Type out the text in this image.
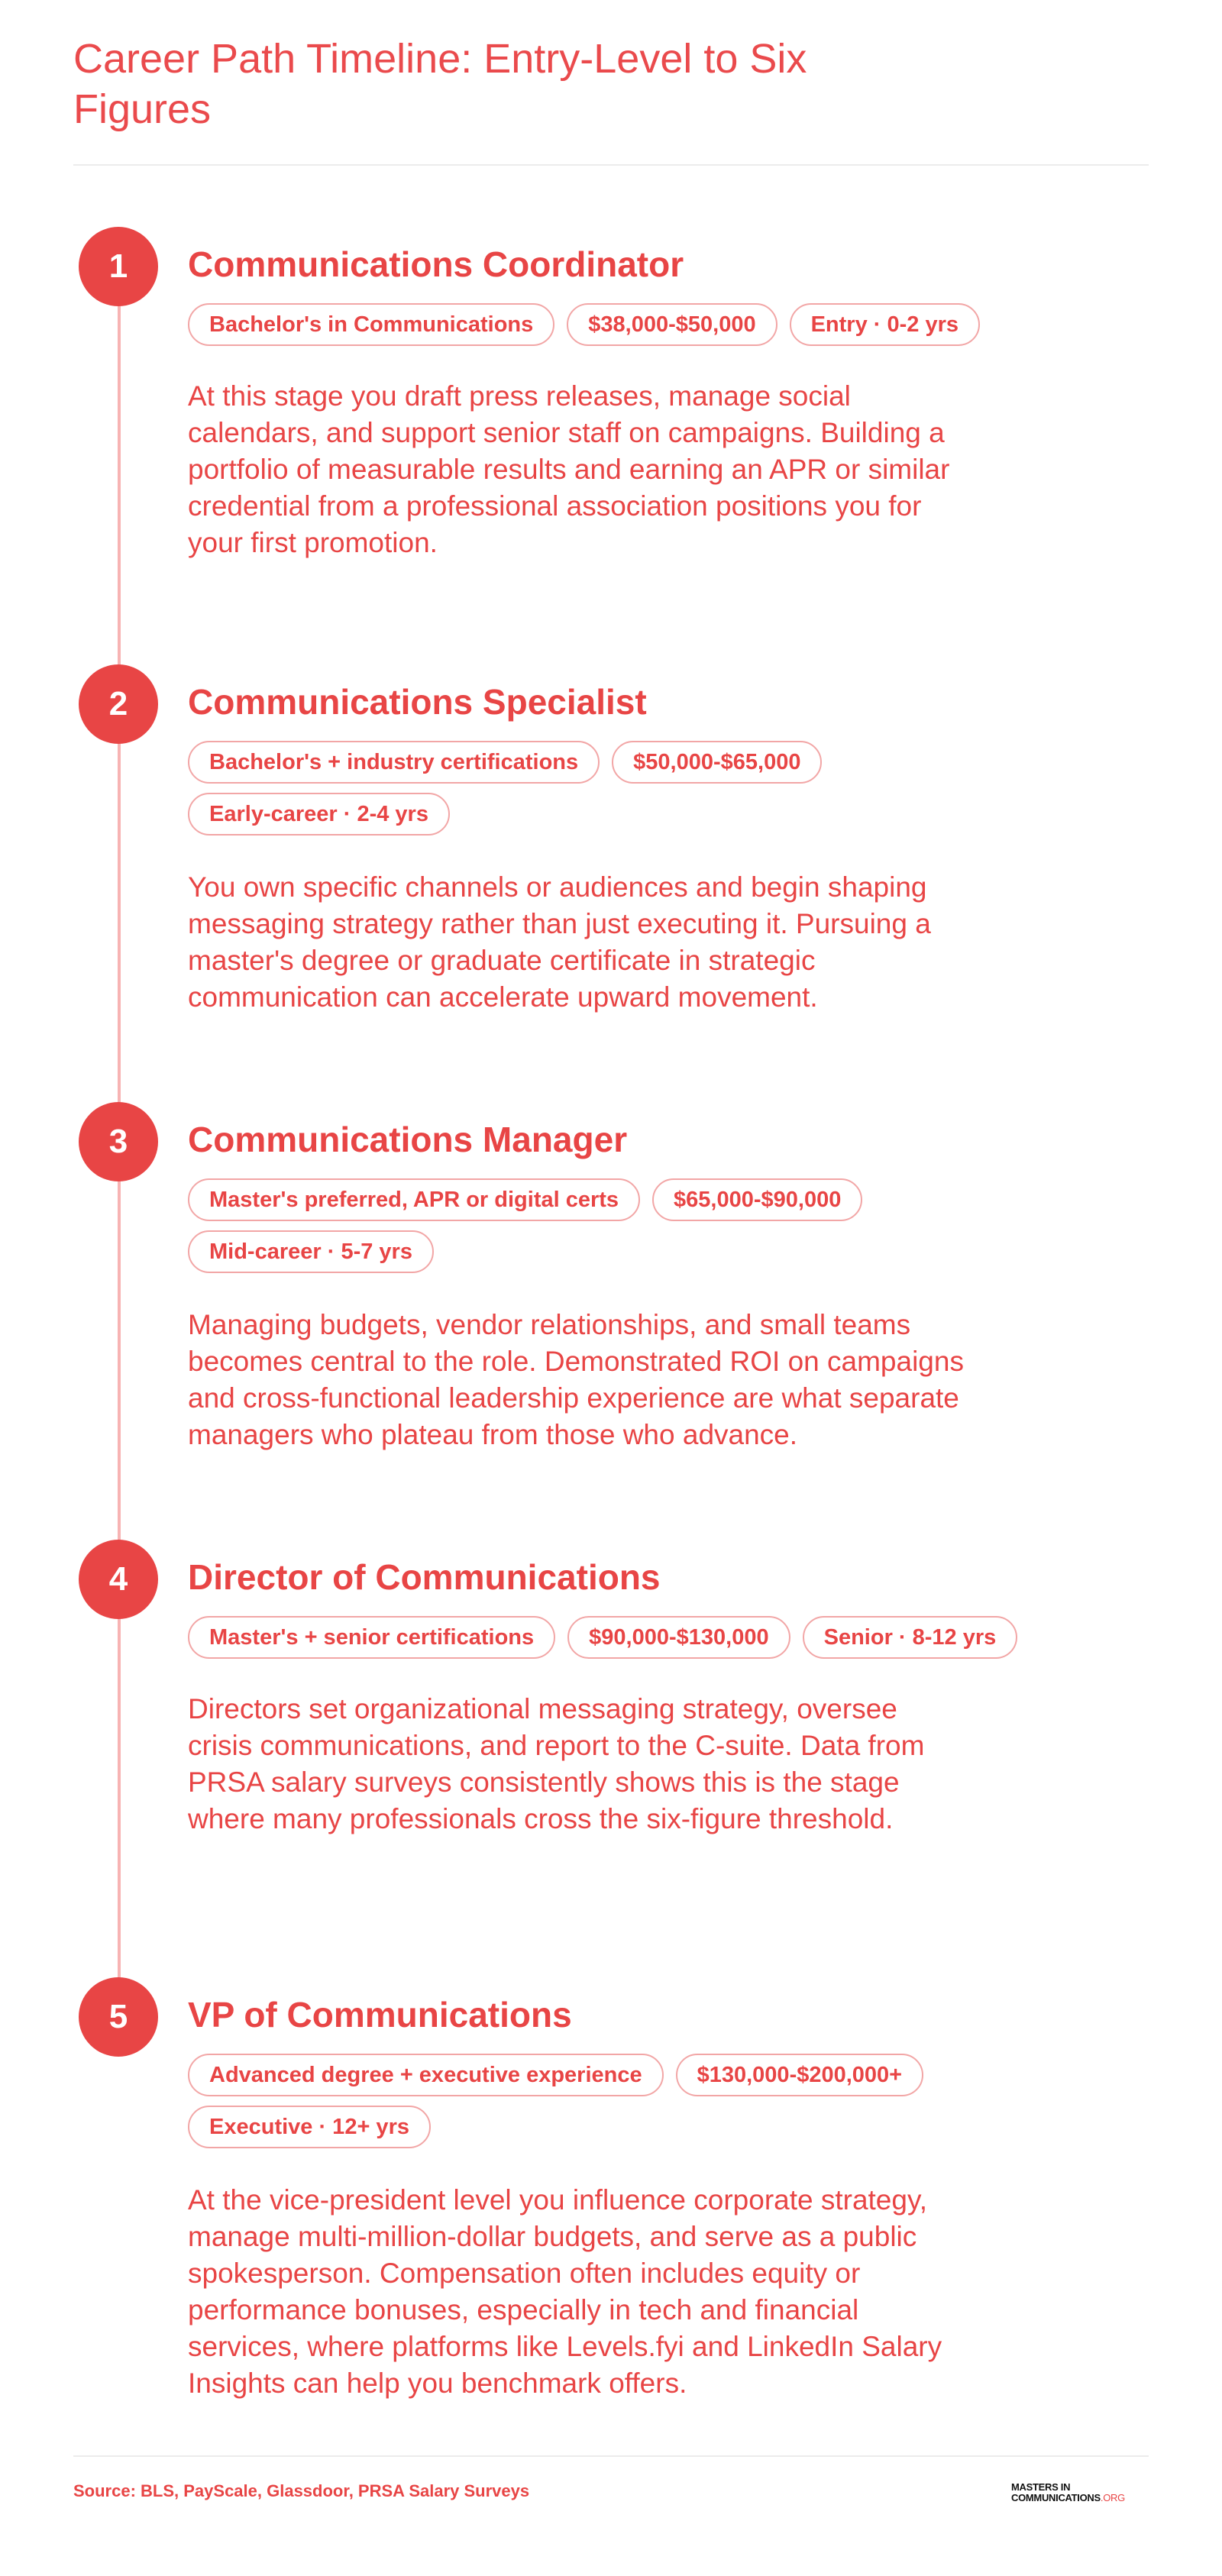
Career Path Timeline: Entry-Level to Six Figures
1	Communications Coordinator
Bachelor's in Communications	$38,000-$50,000	Entry · 0-2 yrs

At this stage you draft press releases, manage social calendars, and support senior staff on campaigns. Building a portfolio of measurable results and earning an APR or similar credential from a professional association positions you for your first promotion.

2	Communications Specialist
Bachelor's + industry certifications	$50,000-$65,000
Early-career · 2-4 yrs

You own specific channels or audiences and begin shaping messaging strategy rather than just executing it. Pursuing a master's degree or graduate certificate in strategic communication can accelerate upward movement.

3	Communications Manager
Master's preferred, APR or digital certs	$65,000-$90,000
Mid-career · 5-7 yrs

Managing budgets, vendor relationships, and small teams becomes central to the role. Demonstrated ROI on campaigns and cross-functional leadership experience are what separate managers who plateau from those who advance.

4	Director of Communications
Master's + senior certifications	$90,000-$130,000	Senior · 8-12 yrs

Directors set organizational messaging strategy, oversee crisis communications, and report to the C-suite. Data from PRSA salary surveys consistently shows this is the stage where many professionals cross the six-figure threshold.

5	VP of Communications
Advanced degree + executive experience	$130,000-$200,000+
Executive · 12+ yrs

At the vice-president level you influence corporate strategy, manage multi-million-dollar budgets, and serve as a public spokesperson. Compensation often includes equity or performance bonuses, especially in tech and financial services, where platforms like Levels.fyi and LinkedIn Salary Insights can help you benchmark offers.

Source: BLS, PayScale, Glassdoor, PRSA Salary Surveys	MASTERS IN
COMMUNICATIONS.ORG
